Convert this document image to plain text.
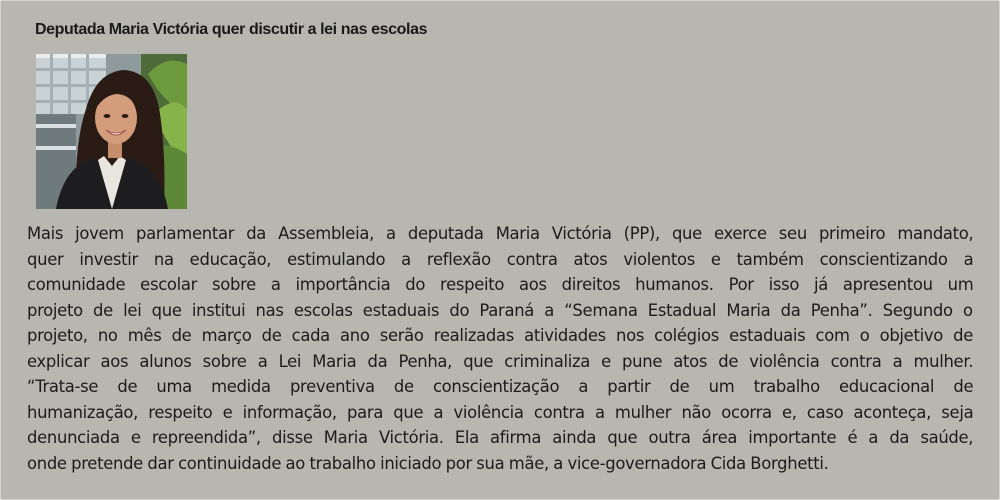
Deputada Maria Victória quer discutir a lei nas escolas
Mais jovem parlamentar da Assembleia, a deputada Maria Victória (PP), que exerce seu primeiro mandato,
quer investir na educação, estimulando a reflexão contra atos violentos e também conscientizando a
comunidade escolar sobre a importância do respeito aos direitos humanos. Por isso já apresentou um
projeto de lei que institui nas escolas estaduais do Paraná a “Semana Estadual Maria da Penha”. Segundo o
projeto, no mês de março de cada ano serão realizadas atividades nos colégios estaduais com o objetivo de
explicar aos alunos sobre a Lei Maria da Penha, que criminaliza e pune atos de violência contra a mulher.
“Trata-se de uma medida preventiva de conscientização a partir de um trabalho educacional de
humanização, respeito e informação, para que a violência contra a mulher não ocorra e, caso aconteça, seja
denunciada e repreendida”, disse Maria Victória. Ela afirma ainda que outra área importante é a da saúde,
onde pretende dar continuidade ao trabalho iniciado por sua mãe, a vice-governadora Cida Borghetti.
